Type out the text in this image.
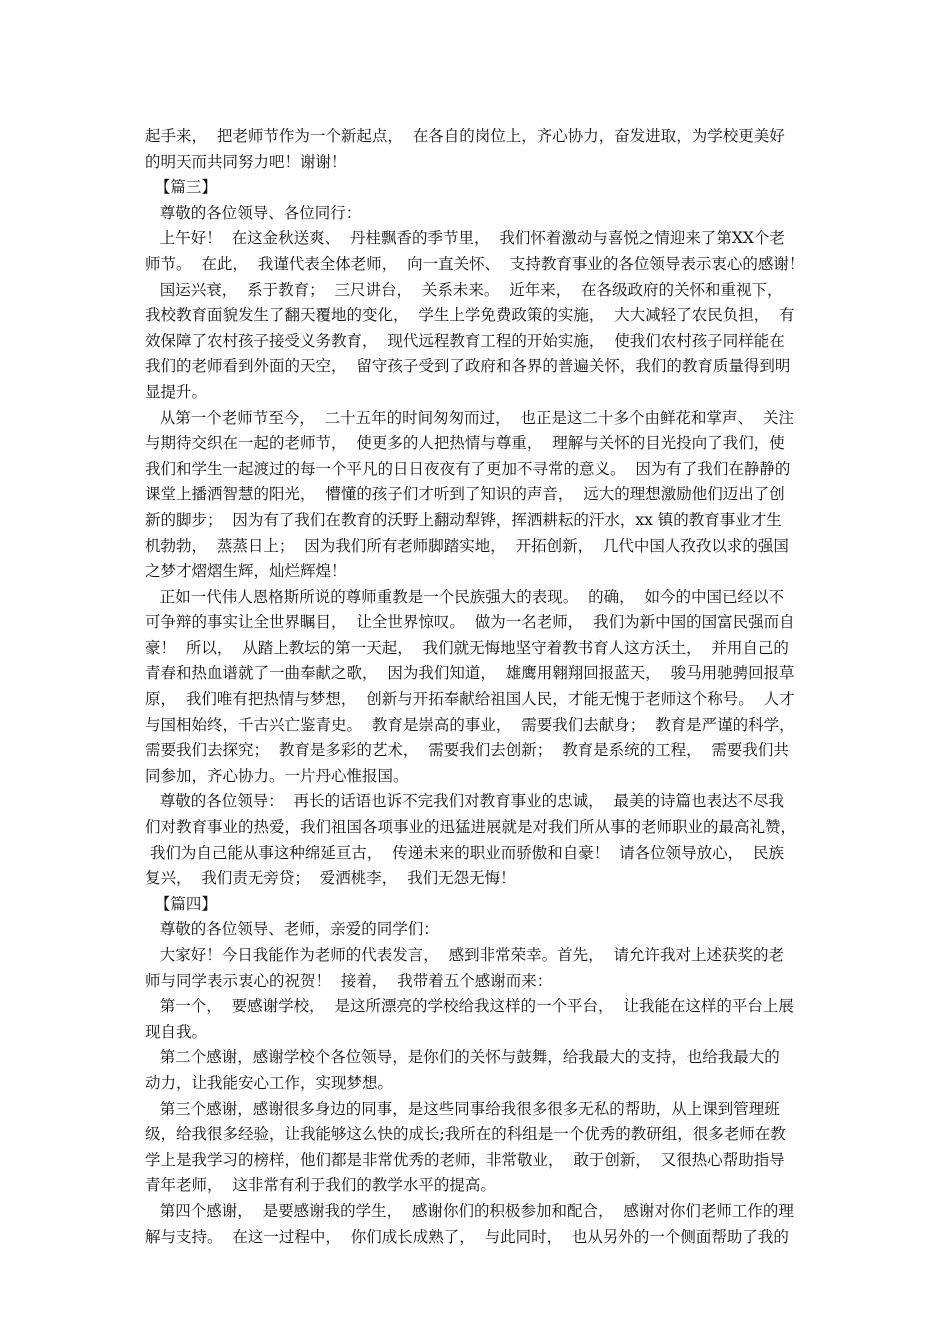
起手来，  把老师节作为一个新起点，  在各自的岗位上，齐心协力，奋发进取，为学校更美好
的明天而共同努力吧！谢谢！
【篇三】
尊敬的各位领导、各位同行：
上午好！  在这金秋送爽、  丹桂飘香的季节里，  我们怀着激动与喜悦之情迎来了第XX个老
师节。  在此，  我谨代表全体老师，  向一直关怀、  支持教育事业的各位领导表示衷心的感谢！
国运兴衰，  系于教育；  三尺讲台，  关系未来。  近年来，  在各级政府的关怀和重视下，
我校教育面貌发生了翻天覆地的变化，  学生上学免费政策的实施，  大大减轻了农民负担，  有
效保障了农村孩子接受义务教育，  现代远程教育工程的开始实施，  使我们农村孩子同样能在
我们的老师看到外面的天空，  留守孩子受到了政府和各界的普遍关怀，我们的教育质量得到明
显提升。
从第一个老师节至今，  二十五年的时间匆匆而过，  也正是这二十多个由鲜花和掌声、  关注
与期待交织在一起的老师节，  使更多的人把热情与尊重，  理解与关怀的目光投向了我们，使
我们和学生一起渡过的每一个平凡的日日夜夜有了更加不寻常的意义。  因为有了我们在静静的
课堂上播洒智慧的阳光，  懵懂的孩子们才听到了知识的声音，  远大的理想激励他们迈出了创
新的脚步；  因为有了我们在教育的沃野上翻动犁铧，挥洒耕耘的汗水，xx 镇的教育事业才生
机勃勃，  蒸蒸日上；  因为我们所有老师脚踏实地，  开拓创新，  几代中国人孜孜以求的强国
之梦才熠熠生辉，灿烂辉煌！
正如一代伟人恩格斯所说的尊师重教是一个民族强大的表现。  的确，  如今的中国已经以不
可争辩的事实让全世界瞩目，  让全世界惊叹。  做为一名老师，  我们为新中国的国富民强而自
豪！  所以，  从踏上教坛的第一天起，  我们就无悔地坚守着教书育人这方沃土，  并用自己的
青春和热血谱就了一曲奉献之歌，  因为我们知道，  雄鹰用翱翔回报蓝天，  骏马用驰骋回报草
原，  我们唯有把热情与梦想，  创新与开拓奉献给祖国人民，才能无愧于老师这个称号。  人才
与国相始终，千古兴亡鉴青史。  教育是崇高的事业，  需要我们去献身；  教育是严谨的科学，
需要我们去探究；  教育是多彩的艺术，  需要我们去创新；  教育是系统的工程，  需要我们共
同参加，齐心协力。一片丹心惟报国。
尊敬的各位领导：  再长的话语也诉不完我们对教育事业的忠诚，  最美的诗篇也表达不尽我
们对教育事业的热爱，我们祖国各项事业的迅猛进展就是对我们所从事的老师职业的最高礼赞，
我们为自己能从事这种绵延亘古，  传递未来的职业而骄傲和自豪！  请各位领导放心，  民族
复兴，  我们责无旁贷；  爱洒桃李，  我们无怨无悔！
【篇四】
尊敬的各位领导、老师，亲爱的同学们：
大家好！今日我能作为老师的代表发言，  感到非常荣幸。首先，  请允许我对上述获奖的老
师与同学表示衷心的祝贺！  接着，  我带着五个感谢而来：
第一个，  要感谢学校，  是这所漂亮的学校给我这样的一个平台，  让我能在这样的平台上展
现自我。
第二个感谢，感谢学校个各位领导，是你们的关怀与鼓舞，给我最大的支持，也给我最大的
动力，让我能安心工作，实现梦想。
第三个感谢，感谢很多身边的同事，是这些同事给我很多很多无私的帮助，从上课到管理班
级，给我很多经验，让我能够这么快的成长;我所在的科组是一个优秀的教研组，很多老师在教
学上是我学习的榜样，他们都是非常优秀的老师，非常敬业，  敢于创新，  又很热心帮助指导
青年老师，  这非常有利于我们的教学水平的提高。
第四个感谢，  是要感谢我的学生，  感谢你们的积极参加和配合，  感谢对你们老师工作的理
解与支持。  在这一过程中，  你们成长成熟了，  与此同时，  也从另外的一个侧面帮助了我的
